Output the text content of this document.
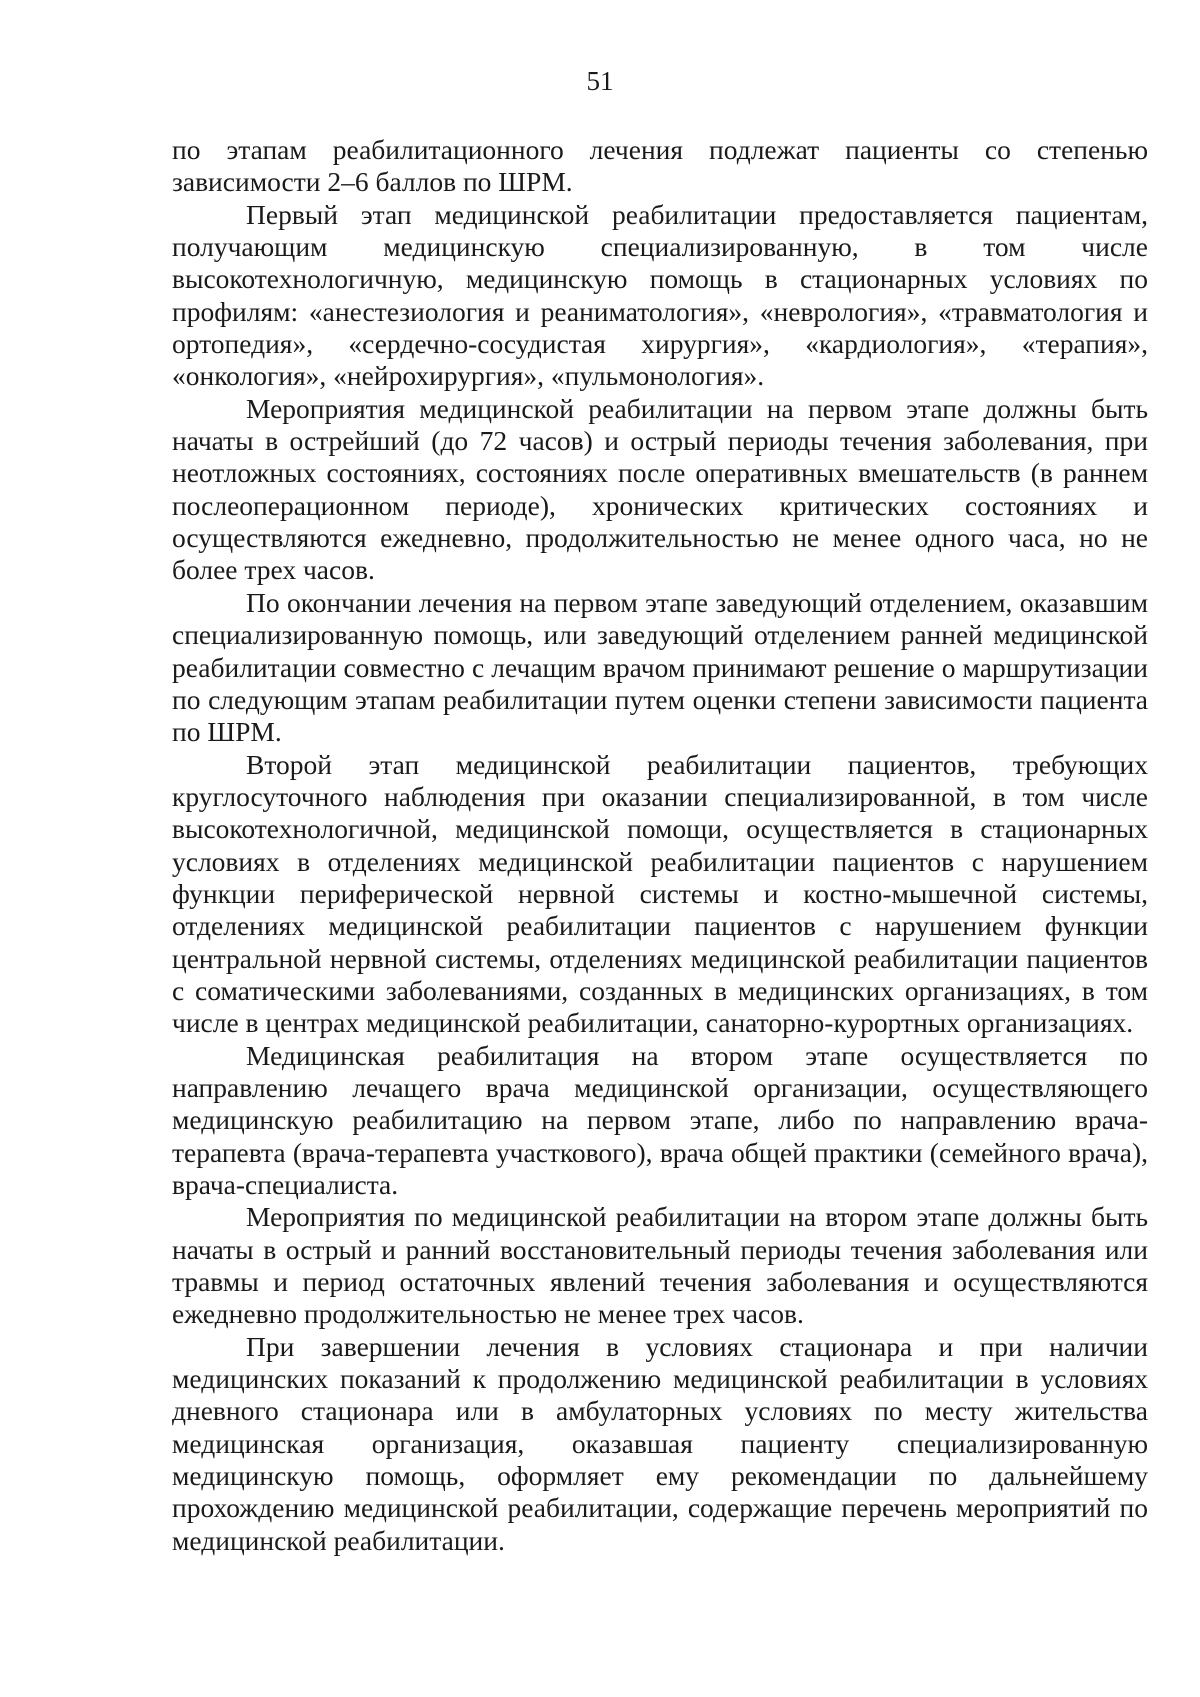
51

по этапам реабилитационного лечения подлежат пациенты со степенью зависимости 2–6 баллов по ШРМ.

Первый этап медицинской реабилитации предоставляется пациентам, получающим медицинскую специализированную, в том числе высокотехнологичную, медицинскую помощь в стационарных условиях по профилям: «анестезиология и реаниматология», «неврология», «травматология и ортопедия», «сердечно-сосудистая хирургия», «кардиология», «терапия», «онкология», «нейрохирургия», «пульмонология».

Мероприятия медицинской реабилитации на первом этапе должны быть начаты в острейший (до 72 часов) и острый периоды течения заболевания, при неотложных состояниях, состояниях после оперативных вмешательств (в раннем послеоперационном периоде), хронических критических состояниях и осуществляются ежедневно, продолжительностью не менее одного часа, но не более трех часов.

По окончании лечения на первом этапе заведующий отделением, оказавшим специализированную помощь, или заведующий отделением ранней медицинской реабилитации совместно с лечащим врачом принимают решение о маршрутизации по следующим этапам реабилитации путем оценки степени зависимости пациента по ШРМ.

Второй этап медицинской реабилитации пациентов, требующих круглосуточного наблюдения при оказании специализированной, в том числе высокотехнологичной, медицинской помощи, осуществляется в стационарных условиях в отделениях медицинской реабилитации пациентов с нарушением функции периферической нервной системы и костно-мышечной системы, отделениях медицинской реабилитации пациентов с нарушением функции центральной нервной системы, отделениях медицинской реабилитации пациентов с соматическими заболеваниями, созданных в медицинских организациях, в том числе в центрах медицинской реабилитации, санаторно-курортных организациях.

Медицинская реабилитация на втором этапе осуществляется по направлению лечащего врача медицинской организации, осуществляющего медицинскую реабилитацию на первом этапе, либо по направлению врача-терапевта (врача-терапевта участкового), врача общей практики (семейного врача), врача-специалиста.

Мероприятия по медицинской реабилитации на втором этапе должны быть начаты в острый и ранний восстановительный периоды течения заболевания или травмы и период остаточных явлений течения заболевания и осуществляются ежедневно продолжительностью не менее трех часов.

При завершении лечения в условиях стационара и при наличии медицинских показаний к продолжению медицинской реабилитации в условиях дневного стационара или в амбулаторных условиях по месту жительства медицинская организация, оказавшая пациенту специализированную медицинскую помощь, оформляет ему рекомендации по дальнейшему прохождению медицинской реабилитации, содержащие перечень мероприятий по медицинской реабилитации.
